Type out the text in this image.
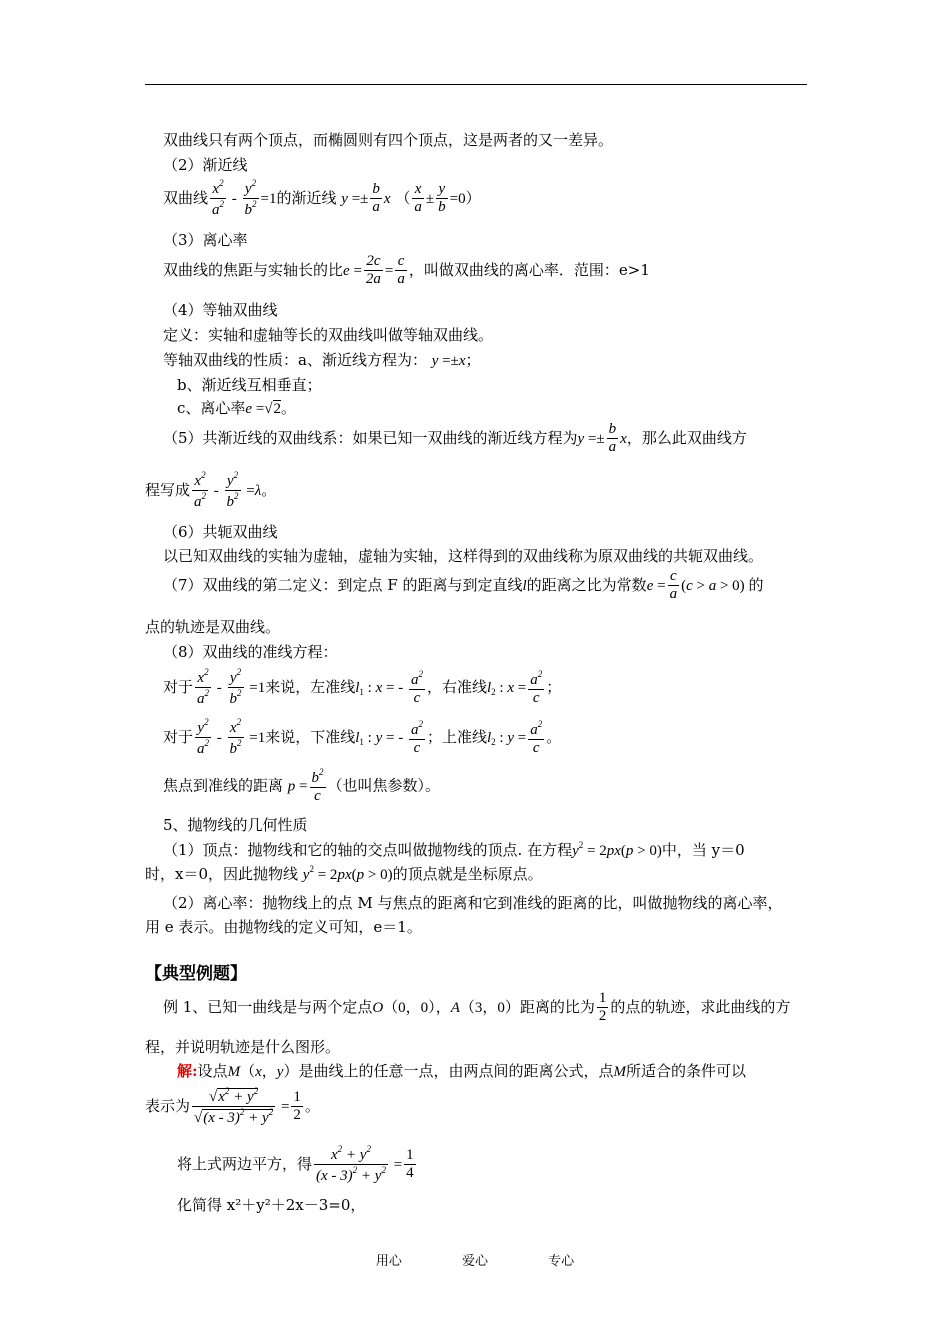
双曲线只有两个顶点，而椭圆则有四个顶点，这是两者的又一差异。
（2）渐近线
双曲线 $\frac{x^2}{a^2} - \frac{y^2}{b^2} =1$的渐近线 $y =\pm \frac{b}{a}$ x （ $\frac{x}{a} \pm \frac{y}{b} =0$）
（3）离心率
双曲线的焦距与实轴长的比$e = \frac{2c}{2a} = \frac{c}{a}$ ，叫做双曲线的离心率．范围：e>1
（4）等轴双曲线
定义：实轴和虚轴等长的双曲线叫做等轴双曲线。
等轴双曲线的性质：a、渐近线方程为： y =±x；
b、渐近线互相垂直；
c、离心率e =√2。
（5）共渐近线的双曲线系：如果已知一双曲线的渐近线方程为$y =\pm \frac{b}{a}$ x，那么此双曲线方
程写成 $\frac{x^2}{a^2} - \frac{y^2}{b^2} =\lambda$。
（6）共轭双曲线
以已知双曲线的实轴为虚轴，虚轴为实轴，这样得到的双曲线称为原双曲线的共轭双曲线。
（7）双曲线的第二定义：到定点 F 的距离与到定直线l的距离之比为常数$e = \frac{c}{a} (c > a > 0)$ 的
点的轨迹是双曲线。
（8）双曲线的准线方程：
对于 $\frac{x^2}{a^2} - \frac{y^2}{b^2} =1$来说，左准线$l_1$ : x = - $\frac{a^2}{c}$ ，右准线$l_2$ : $x = \frac{a^2}{c}$ ；
对于 $\frac{y^2}{a^2} - \frac{x^2}{b^2} =1$来说，下准线$l_1$ : y = - $\frac{a^2}{c}$ ；上准线$l_2$ : $y = \frac{a^2}{c}$ 。
焦点到准线的距离 $p = \frac{b^2}{c}$ （也叫焦参数）。
5、抛物线的几何性质
（1）顶点：抛物线和它的轴的交点叫做抛物线的顶点. 在方程$y^2 = 2px(p > 0)$中，当 y＝0
时，x＝0，因此抛物线 $y^2 = 2px(p > 0)$的顶点就是坐标原点。
（2）离心率：抛物线上的点 M 与焦点的距离和它到准线的距离的比，叫做抛物线的离心率，
用 e 表示。由抛物线的定义可知，e＝1。
【典型例题】
例 1、已知一曲线是与两个定点O（0，0），A（3，0）距离的比为 $\frac{1}{2}$ 的点的轨迹，求此曲线的方
程，并说明轨迹是什么图形。
解:设点M（x，y）是曲线上的任意一点，由两点间的距离公式，点M所适合的条件可以
表示为 $\frac{√x^2 + y^2}{√(x - 3)^2 + y^2} = \frac{1}{2}$ 。
将上式两边平方，得 $\frac{x^2 + y^2}{(x - 3)^2 + y^2} = \frac{1}{4}$
化简得 x²＋y²＋2x－3=0，
用心	爱心	专心
